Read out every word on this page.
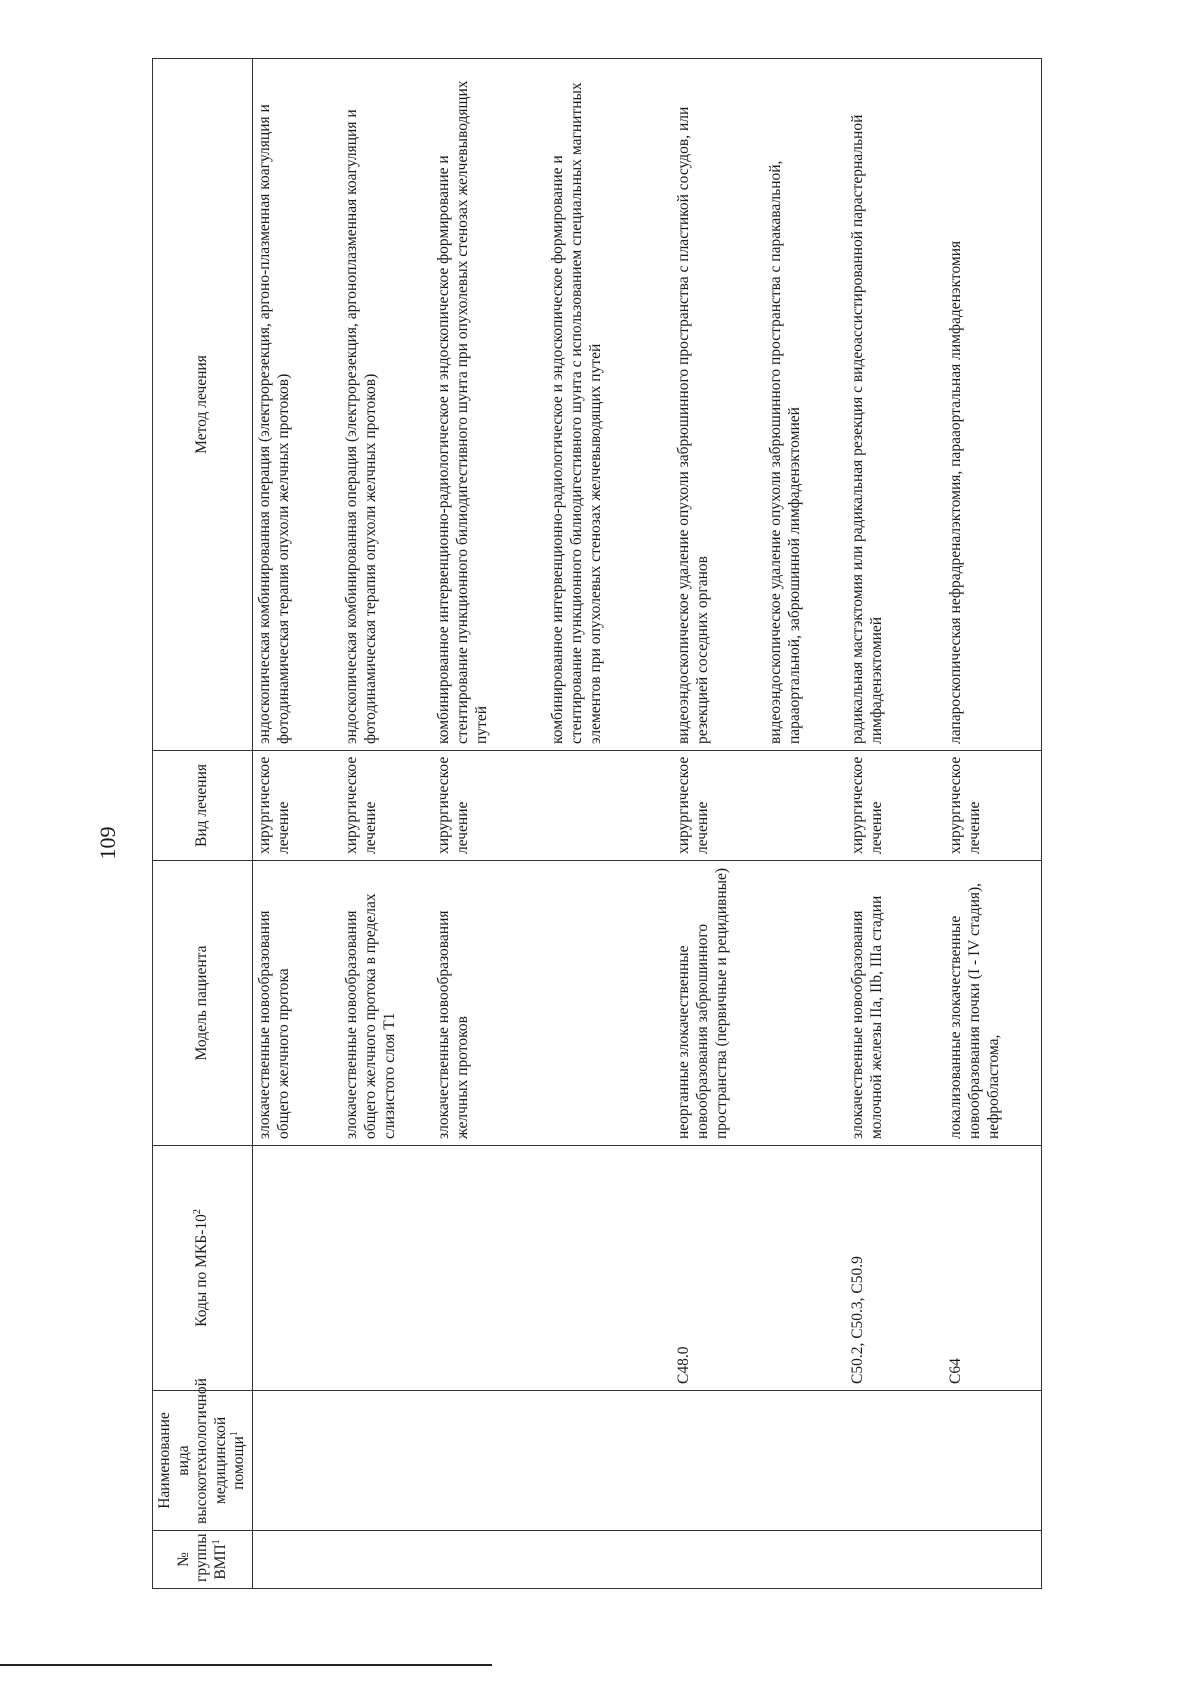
109
№ группы ВМП$^1$	Наименование вида высокотехнологичной медицинской помощи$^1$	Коды по МКБ-$10^2$	Модель пациента	Вид лечения	Метод лечения
			злокачественные новообразования общего желчного протока	хирургическое лечение	эндоскопическая комбинированная операция (электрорезекция, аргоно-плазменная коагуляция и фотодинамическая терапия опухоли желчных протоков)
			злокачественные новообразования общего желчного протока в пределах слизистого слоя T1	хирургическое лечение	эндоскопическая комбинированная операция (электрорезекция, аргоноплазменная коагуляция и фотодинамическая терапия опухоли желчных протоков)
			злокачественные новообразования желчных протоков	хирургическое лечение	комбинированное интервенционно-радиологическое и эндоскопическое формирование и стентирование пункционного билиодигестивного шунта при опухолевых стенозах желчевыводящих путей
					комбинированное интервенционно-радиологическое и эндоскопическое формирование и стентирование пункционного билиодигестивного шунта с использованием специальных магнитных элементов при опухолевых стенозах желчевыводящих путей
		C48.0	неорганные злокачественные новообразования забрюшинного пространства (первичные и рецидивные)	хирургическое лечение	видеоэндоскопическое удаление опухоли забрюшинного пространства с пластикой сосудов, или резекцией соседних органов
					видеоэндоскопическое удаление опухоли забрюшинного пространства с паракавальной, парааортальной, забрюшинной лимфаденэктомией
		C50.2, C50.3, C50.9	злокачественные новообразования молочной железы IIa, IIb, IIIa стадии	хирургическое лечение	радикальная мастэктомия или радикальная резекция с видеоассистированной парастернальной лимфаденэктомией
		C64	локализованные злокачественные новообразования почки (I - IV стадия), нефробластома,	хирургическое лечение	лапароскопическая нефрадреналэктомия, парааортальная лимфаденэктомия
